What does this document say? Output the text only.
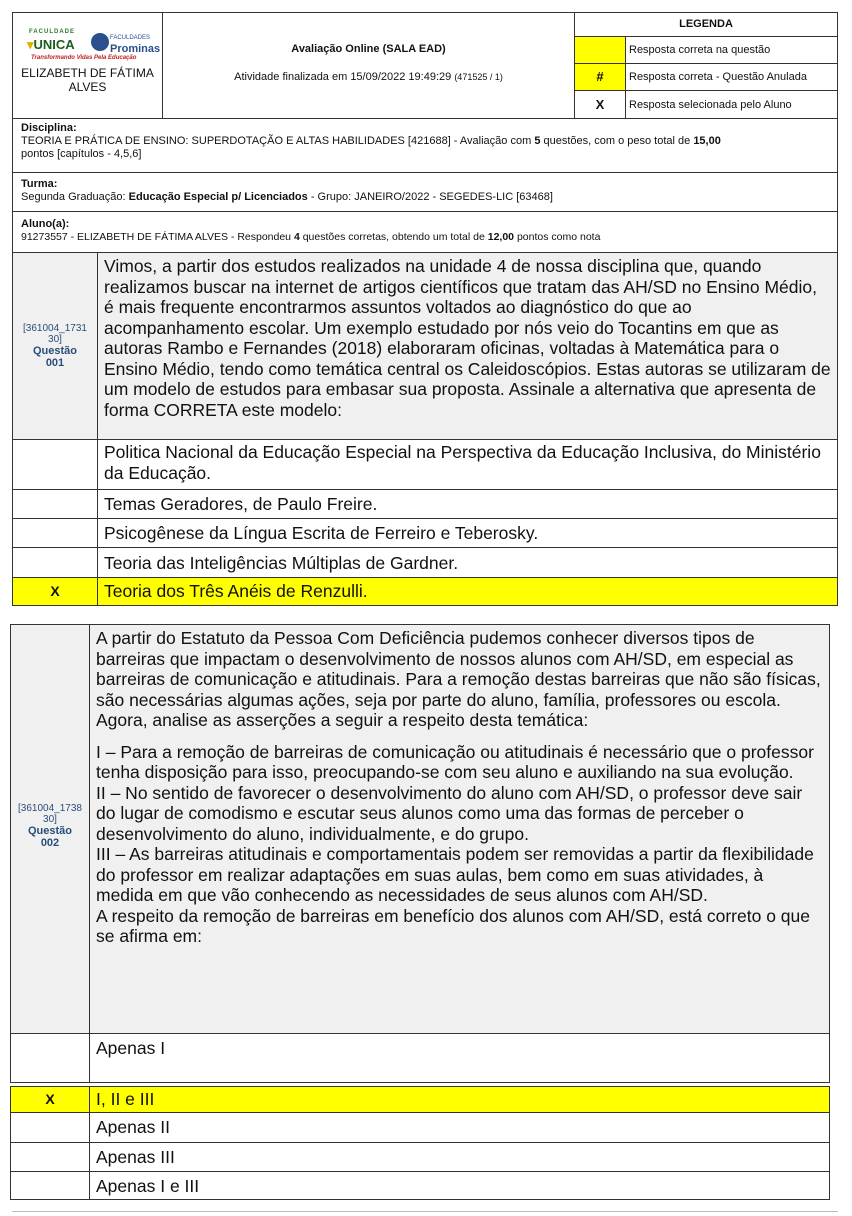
FACULDADE
▾UNICA	FACULDADES
Prominas
Transformando Vidas Pela Educação
ELIZABETH DE FÁTIMA
ALVES
Avaliação Online (SALA EAD)
Atividade finalizada em 15/09/2022 19:49:29 (471525 / 1)
LEGENDA
Resposta correta na questão
#	Resposta correta - Questão Anulada
X	Resposta selecionada pelo Aluno
Disciplina:
TEORIA E PRÁTICA DE ENSINO: SUPERDOTAÇÃO E ALTAS HABILIDADES [421688] - Avaliação com 5 questões, com o peso total de 15,00
pontos [capítulos - 4,5,6]
Turma:
Segunda Graduação: Educação Especial p/ Licenciados - Grupo: JANEIRO/2022 - SEGEDES-LIC [63468]
Aluno(a):
91273557 - ELIZABETH DE FÁTIMA ALVES - Respondeu 4 questões corretas, obtendo um total de 12,00 pontos como nota
[361004_1731 30]
Questão
001
Vimos, a partir dos estudos realizados na unidade 4 de nossa disciplina que, quando realizamos buscar na internet de artigos científicos que tratam das AH/SD no Ensino Médio, é mais frequente encontrarmos assuntos voltados ao diagnóstico do que ao acompanhamento escolar. Um exemplo estudado por nós veio do Tocantins em que as autoras Rambo e Fernandes (2018) elaboraram oficinas, voltadas à Matemática para o Ensino Médio, tendo como temática central os Caleidoscópios. Estas autoras se utilizaram de um modelo de estudos para embasar sua proposta. Assinale a alternativa que apresenta de forma CORRETA este modelo:
Politica Nacional da Educação Especial na Perspectiva da Educação Inclusiva, do Ministério da Educação.
Temas Geradores, de Paulo Freire.
Psicogênese da Língua Escrita de Ferreiro e Teberosky.
Teoria das Inteligências Múltiplas de Gardner.
X	Teoria dos Três Anéis de Renzulli.
[361004_1738 30]
Questão
002

A partir do Estatuto da Pessoa Com Deficiência pudemos conhecer diversos tipos de barreiras que impactam o desenvolvimento de nossos alunos com AH/SD, em especial as barreiras de comunicação e atitudinais. Para a remoção destas barreiras que não são físicas, são necessárias algumas ações, seja por parte do aluno, família, professores ou escola. Agora, analise as asserções a seguir a respeito desta temática:

I – Para a remoção de barreiras de comunicação ou atitudinais é necessário que o professor tenha disposição para isso, preocupando-se com seu aluno e auxiliando na sua evolução.

II – No sentido de favorecer o desenvolvimento do aluno com AH/SD, o professor deve sair do lugar de comodismo e escutar seus alunos como uma das formas de perceber o desenvolvimento do aluno, individualmente, e do grupo.

III – As barreiras atitudinais e comportamentais podem ser removidas a partir da flexibilidade do professor em realizar adaptações em suas aulas, bem como em suas atividades, à medida em que vão conhecendo as necessidades de seus alunos com AH/SD.

A respeito da remoção de barreiras em benefício dos alunos com AH/SD, está correto o que se afirma em:

Apenas I
X	I, II e III
Apenas II
Apenas III
Apenas I e III
